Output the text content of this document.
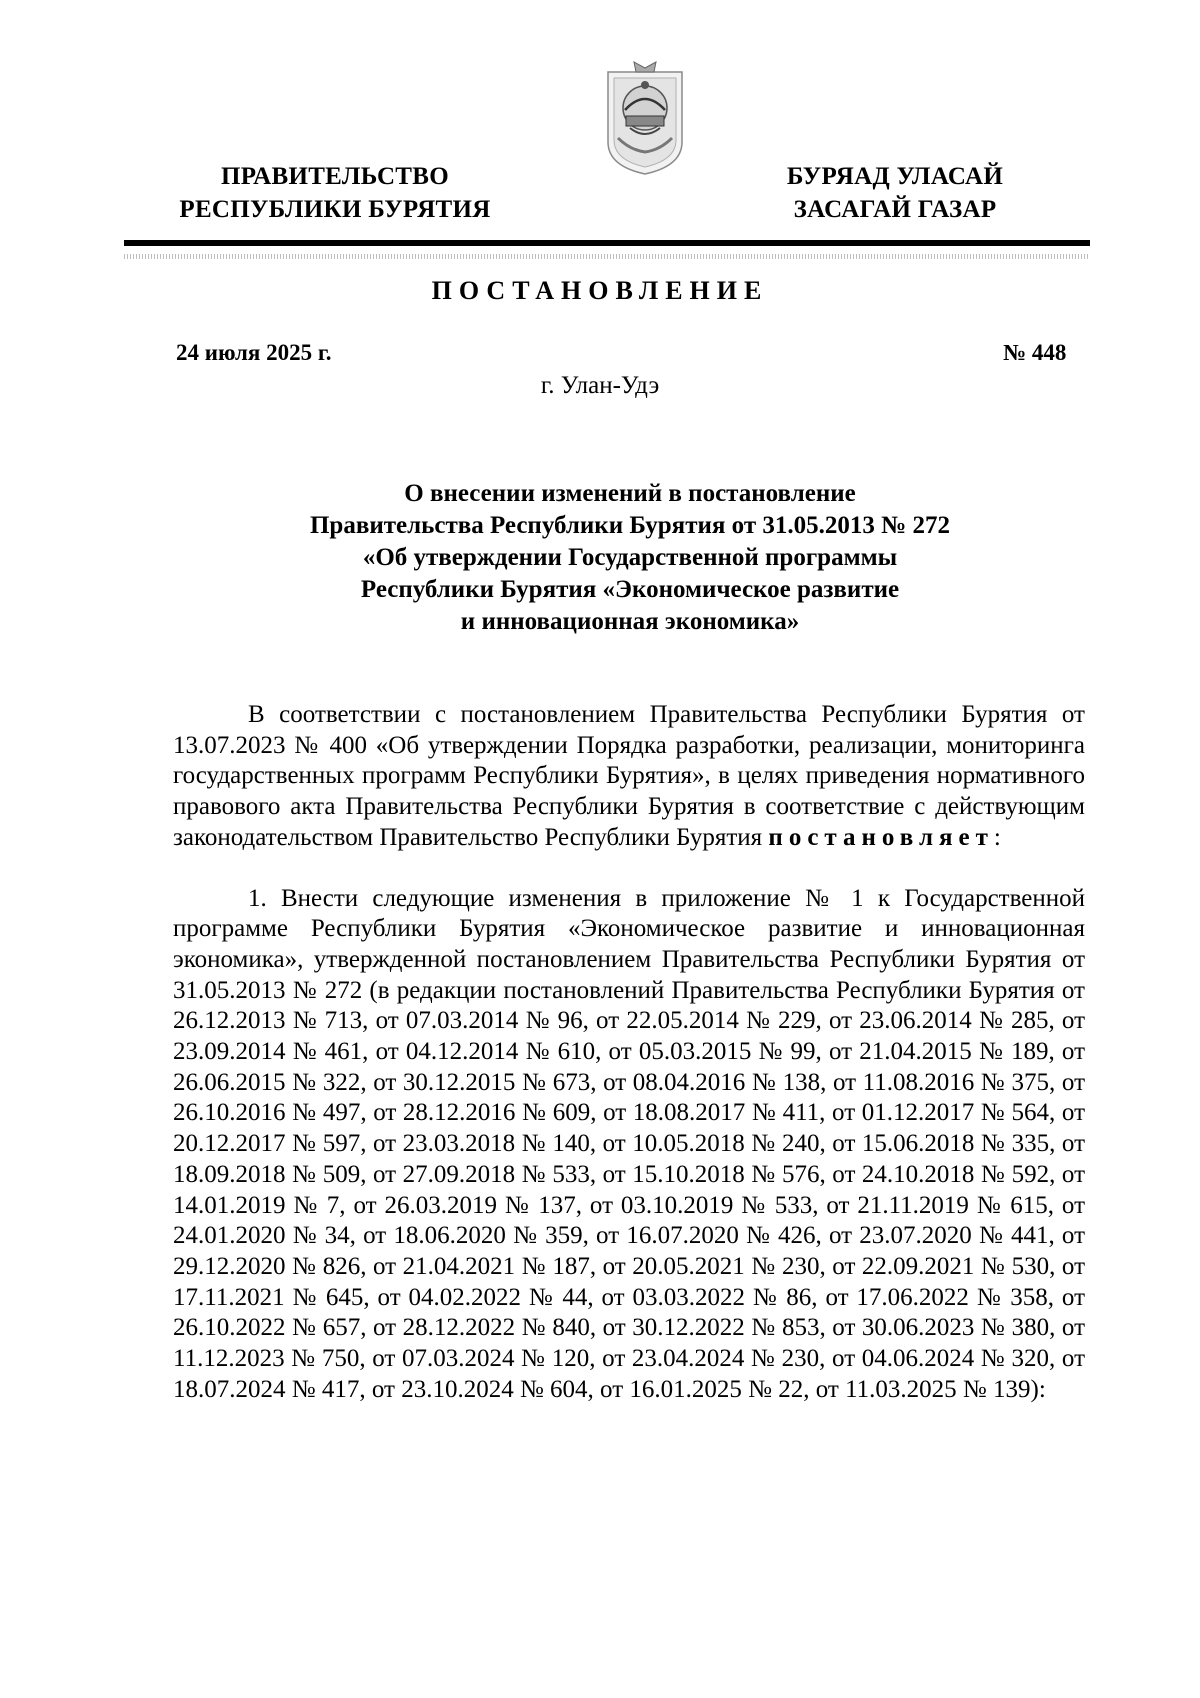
ПРАВИТЕЛЬСТВО
РЕСПУБЛИКИ БУРЯТИЯ
БУРЯАД УЛАСАЙ
ЗАСАГАЙ ГАЗАР
ПОСТАНОВЛЕНИЕ
24 июля 2025 г.	№ 448
г. Улан-Удэ
О внесении изменений в постановление
Правительства Республики Бурятия от 31.05.2013 № 272
«Об утверждении Государственной программы
Республики Бурятия «Экономическое развитие
и инновационная экономика»

В соответствии с постановлением Правительства Республики Бурятия от 13.07.2023 № 400 «Об утверждении Порядка разработки, реализации, мониторинга государственных программ Республики Бурятия», в целях приведения нормативного правового акта Правительства Республики Бурятия в соответствие с действующим законодательством Правительство Республики Бурятия постановляет:

1. Внести следующие изменения в приложение № 1 к Государственной программе Республики Бурятия «Экономическое развитие и инновационная экономика», утвержденной постановлением Правительства Республики Бурятия от 31.05.2013 № 272 (в редакции постановлений Правительства Республики Бурятия от 26.12.2013 № 713, от 07.03.2014 № 96, от 22.05.2014 № 229, от 23.06.2014 № 285, от 23.09.2014 № 461, от 04.12.2014 № 610, от 05.03.2015 № 99, от 21.04.2015 № 189, от 26.06.2015 № 322, от 30.12.2015 № 673, от 08.04.2016 № 138, от 11.08.2016 № 375, от 26.10.2016 № 497, от 28.12.2016 № 609, от 18.08.2017 № 411, от 01.12.2017 № 564, от 20.12.2017 № 597, от 23.03.2018 № 140, от 10.05.2018 № 240, от 15.06.2018 № 335, от 18.09.2018 № 509, от 27.09.2018 № 533, от 15.10.2018 № 576, от 24.10.2018 № 592, от 14.01.2019 № 7, от 26.03.2019 № 137, от 03.10.2019 № 533, от 21.11.2019 № 615, от 24.01.2020 № 34, от 18.06.2020 № 359, от 16.07.2020 № 426, от 23.07.2020 № 441, от 29.12.2020 № 826, от 21.04.2021 № 187, от 20.05.2021 № 230, от 22.09.2021 № 530, от 17.11.2021 № 645, от 04.02.2022 № 44, от 03.03.2022 № 86, от 17.06.2022 № 358, от 26.10.2022 № 657, от 28.12.2022 № 840, от 30.12.2022 № 853, от 30.06.2023 № 380, от 11.12.2023 № 750, от 07.03.2024 № 120, от 23.04.2024 № 230, от 04.06.2024 № 320, от 18.07.2024 № 417, от 23.10.2024 № 604, от 16.01.2025 № 22, от 11.03.2025 № 139):
